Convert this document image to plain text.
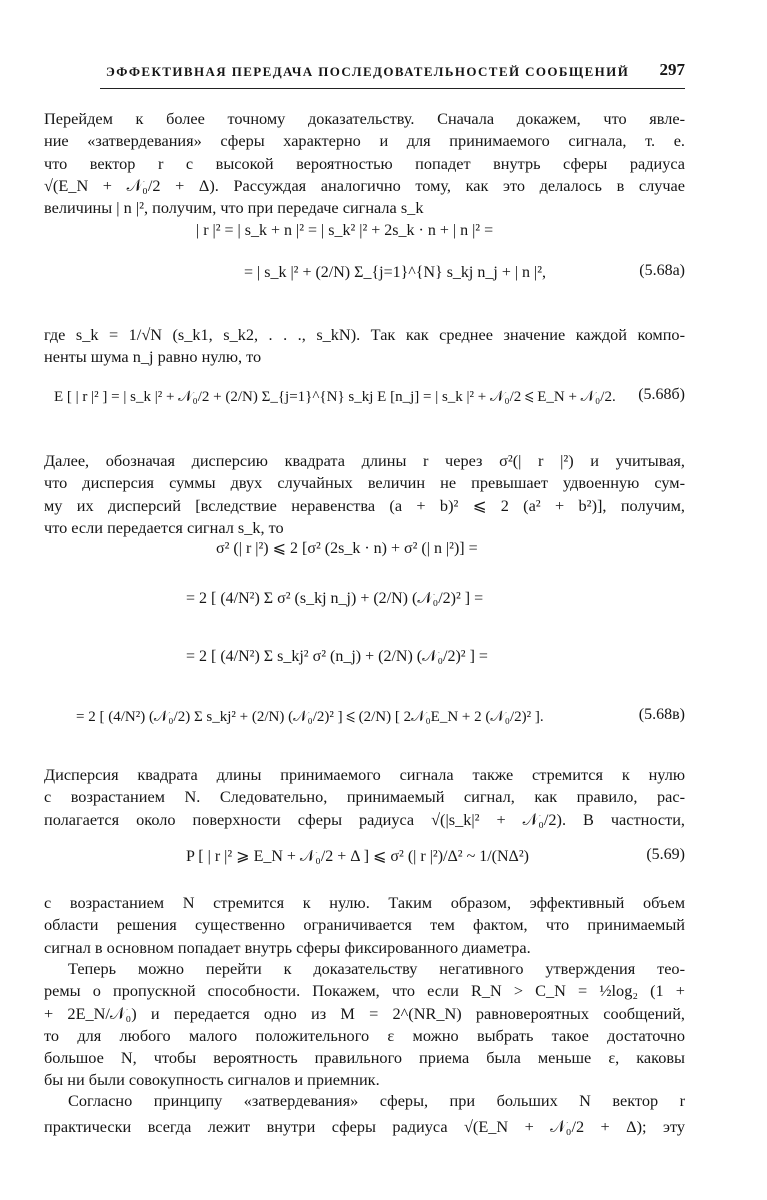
ЭФФЕКТИВНАЯ ПЕРЕДАЧА ПОСЛЕДОВАТЕЛЬНОСТЕЙ СООБЩЕНИЙ 297
Перейдем к более точному доказательству. Сначала докажем, что явле-
ние «затвердевания» сферы характерно и для принимаемого сигнала, т. е.
что вектор r с высокой вероятностью попадет внутрь сферы радиуса
√(E_N + 𝒩₀/2 + Δ). Рассуждая аналогично тому, как это делалось в случае
величины | n |², получим, что при передаче сигнала s_k
| r |² = | s_k + n |² = | s_k² |² + 2s_k · n + | n |² =
= | s_k |² + (2/N) Σ_{j=1}^{N} s_kj n_j + | n |²,	(5.68а)
где s_k = 1/√N (s_k1, s_k2, . . ., s_kN). Так как среднее значение каждой компо-
ненты шума n_j равно нулю, то
E [ | r |² ] = | s_k |² + 𝒩₀/2 + (2/N) Σ_{j=1}^{N} s_kj E [n_j] = | s_k |² + 𝒩₀/2 ⩽ E_N + 𝒩₀/2. (5.68б)
Далее, обозначая дисперсию квадрата длины r через σ²(| r |²) и учитывая,
что дисперсия суммы двух случайных величин не превышает удвоенную сум-
му их дисперсий [вследствие неравенства (a + b)² ⩽ 2 (a² + b²)], получим,
что если передается сигнал s_k, то
σ² (| r |²) ⩽ 2 [σ² (2s_k · n) + σ² (| n |²)] =
= 2 [ (4/N²) Σ σ² (s_kj n_j) + (2/N) (𝒩₀/2)² ] =
= 2 [ (4/N²) Σ s_kj² σ² (n_j) + (2/N) (𝒩₀/2)² ] =
= 2 [ (4/N²) (𝒩₀/2) Σ s_kj² + (2/N) (𝒩₀/2)² ] ⩽ (2/N) [ 2𝒩₀E_N + 2 (𝒩₀/2)² ].	(5.68в)
Дисперсия квадрата длины принимаемого сигнала также стремится к нулю
с возрастанием N. Следовательно, принимаемый сигнал, как правило, рас-
полагается около поверхности сферы радиуса √(|s_k|² + 𝒩₀/2). В частности,
P [ | r |² ⩾ E_N + 𝒩₀/2 + Δ ] ⩽ σ² (| r |²)/Δ² ~ 1/(NΔ²)	(5.69)
с возрастанием N стремится к нулю. Таким образом, эффективный объем
области решения существенно ограничивается тем фактом, что принимаемый
сигнал в основном попадает внутрь сферы фиксированного диаметра.
Теперь можно перейти к доказательству негативного утверждения тео-
ремы о пропускной способности. Покажем, что если R_N > C_N = ½log₂ (1 +
+ 2E_N/𝒩₀) и передается одно из M = 2^(NR_N) равновероятных сообщений,
то для любого малого положительного ε можно выбрать такое достаточно
большое N, чтобы вероятность правильного приема была меньше ε, каковы
бы ни были совокупность сигналов и приемник.
Согласно принципу «затвердевания» сферы, при больших N вектор r
практически всегда лежит внутри сферы радиуса √(E_N + 𝒩₀/2 + Δ); эту
